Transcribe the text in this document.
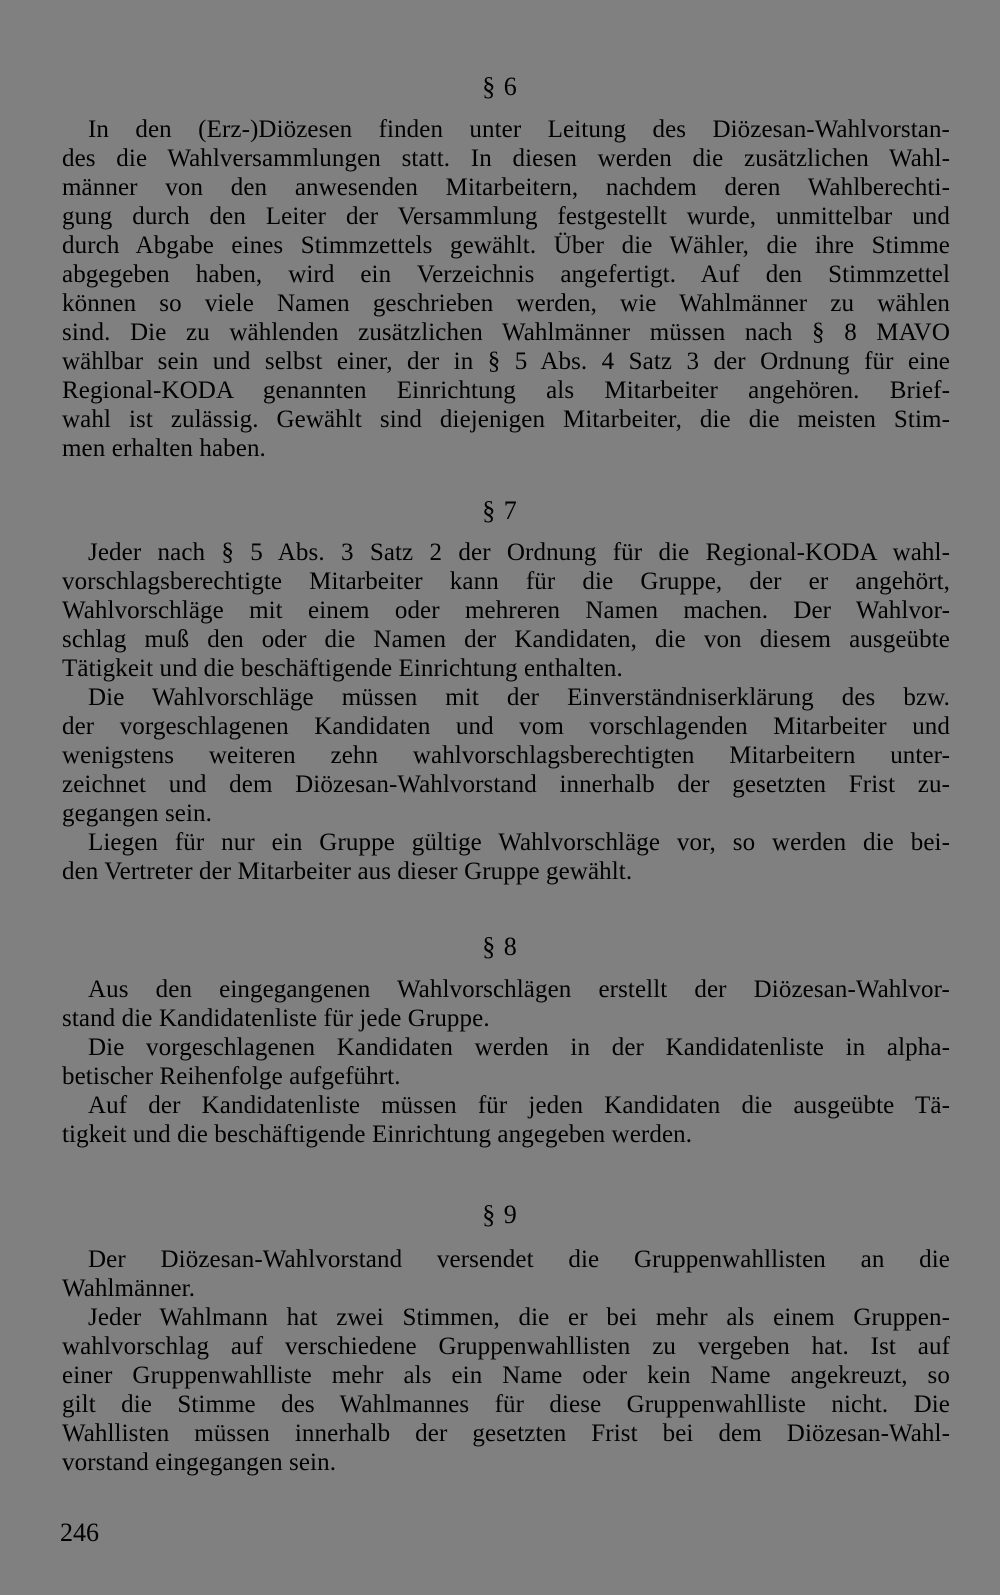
§ 6
In den (Erz-)Diözesen finden unter Leitung des Diözesan-Wahlvorstan-
des die Wahlversammlungen statt. In diesen werden die zusätzlichen Wahl-
männer von den anwesenden Mitarbeitern, nachdem deren Wahlberechti-
gung durch den Leiter der Versammlung festgestellt wurde, unmittelbar und
durch Abgabe eines Stimmzettels gewählt. Über die Wähler, die ihre Stimme
abgegeben haben, wird ein Verzeichnis angefertigt. Auf den Stimmzettel
können so viele Namen geschrieben werden, wie Wahlmänner zu wählen
sind. Die zu wählenden zusätzlichen Wahlmänner müssen nach § 8 MAVO
wählbar sein und selbst einer, der in § 5 Abs. 4 Satz 3 der Ordnung für eine
Regional-KODA genannten Einrichtung als Mitarbeiter angehören. Brief-
wahl ist zulässig. Gewählt sind diejenigen Mitarbeiter, die die meisten Stim-
men erhalten haben.
§ 7
Jeder nach § 5 Abs. 3 Satz 2 der Ordnung für die Regional-KODA wahl-
vorschlagsberechtigte Mitarbeiter kann für die Gruppe, der er angehört,
Wahlvorschläge mit einem oder mehreren Namen machen. Der Wahlvor-
schlag muß den oder die Namen der Kandidaten, die von diesem ausgeübte
Tätigkeit und die beschäftigende Einrichtung enthalten.
Die Wahlvorschläge müssen mit der Einverständniserklärung des bzw.
der vorgeschlagenen Kandidaten und vom vorschlagenden Mitarbeiter und
wenigstens weiteren zehn wahlvorschlagsberechtigten Mitarbeitern unter-
zeichnet und dem Diözesan-Wahlvorstand innerhalb der gesetzten Frist zu-
gegangen sein.
Liegen für nur ein Gruppe gültige Wahlvorschläge vor, so werden die bei-
den Vertreter der Mitarbeiter aus dieser Gruppe gewählt.
§ 8
Aus den eingegangenen Wahlvorschlägen erstellt der Diözesan-Wahlvor-
stand die Kandidatenliste für jede Gruppe.
Die vorgeschlagenen Kandidaten werden in der Kandidatenliste in alpha-
betischer Reihenfolge aufgeführt.
Auf der Kandidatenliste müssen für jeden Kandidaten die ausgeübte Tä-
tigkeit und die beschäftigende Einrichtung angegeben werden.
§ 9
Der Diözesan-Wahlvorstand versendet die Gruppenwahllisten an die
Wahlmänner.
Jeder Wahlmann hat zwei Stimmen, die er bei mehr als einem Gruppen-
wahlvorschlag auf verschiedene Gruppenwahllisten zu vergeben hat. Ist auf
einer Gruppenwahlliste mehr als ein Name oder kein Name angekreuzt, so
gilt die Stimme des Wahlmannes für diese Gruppenwahlliste nicht. Die
Wahllisten müssen innerhalb der gesetzten Frist bei dem Diözesan-Wahl-
vorstand eingegangen sein.
246
